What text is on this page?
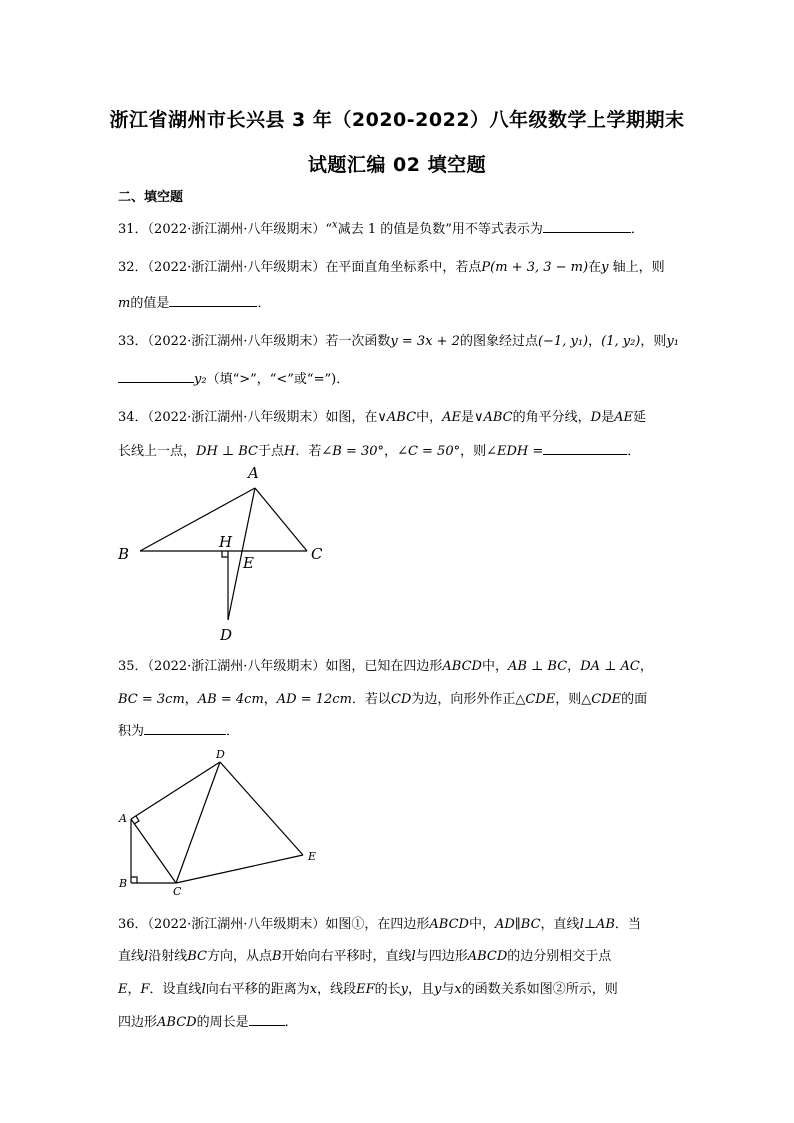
浙江省湖州市长兴县 3 年（2020-2022）八年级数学上学期期末
试题汇编 02 填空题
二、填空题
31．（2022·浙江湖州·八年级期末）“$^x$减去 1 的值是负数”用不等式表示为	．
32．（2022·浙江湖州·八年级期末）在平面直角坐标系中，若点P(m + 3, 3 − m)在y 轴上，则
m的值是	．
33．（2022·浙江湖州·八年级期末）若一次函数y = 3x + 2的图象经过点(−1, y₁)，(1, y₂)，则y₁
y₂（填“>”，“<”或“=”)．
34．（2022·浙江湖州·八年级期末）如图，在∨ABC中，AE是∨ABC的角平分线，D是AE延
长线上一点，DH ⊥ BC于点H．若∠B = 30°，∠C = 50°，则∠EDH =	．
A
B	C
H
E
D
35．（2022·浙江湖州·八年级期末）如图，已知在四边形ABCD中，AB ⊥ BC，DA ⊥ AC，
BC = 3cm，AB = 4cm，AD = 12cm．若以CD为边，向形外作正△CDE，则△CDE的面
积为	．
D
A
B
C
E
36．（2022·浙江湖州·八年级期末）如图①，在四边形ABCD中，AD∥BC，直线l⊥AB．当
直线l沿射线BC方向，从点B开始向右平移时，直线l与四边形ABCD的边分别相交于点
E，F．设直线l向右平移的距离为x，线段EF的长y，且y与x的函数关系如图②所示，则
四边形ABCD的周长是	．
